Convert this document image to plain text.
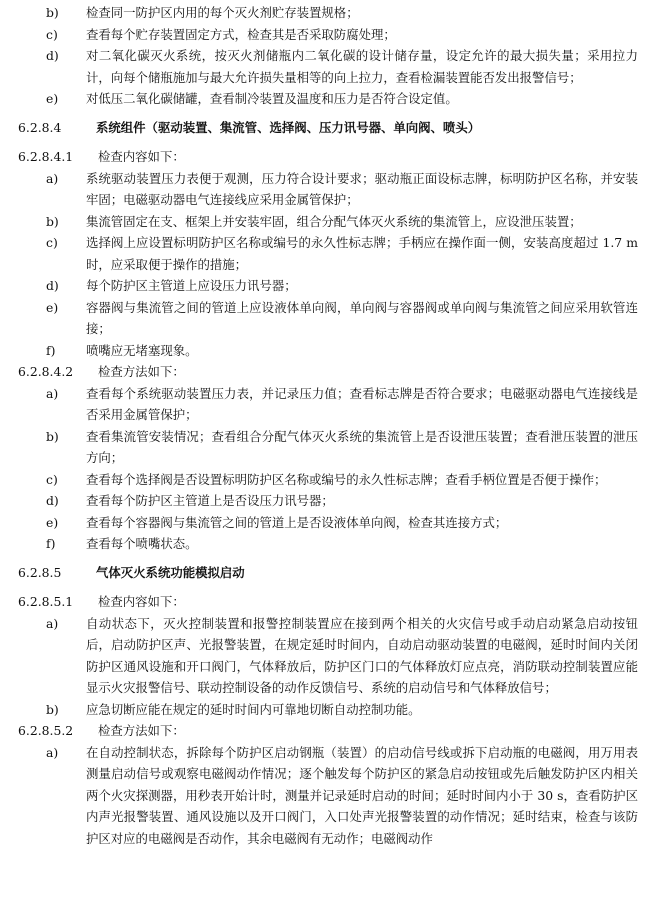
b)	检查同一防护区内用的每个灭火剂贮存装置规格；
c)	查看每个贮存装置固定方式，检查其是否采取防腐处理；
d)	对二氧化碳灭火系统，按灭火剂储瓶内二氧化碳的设计储存量，设定允许的最大损失量；采用拉力计，向每个储瓶施加与最大允许损失量相等的向上拉力，查看检漏装置能否发出报警信号；
e)	对低压二氧化碳储罐，查看制冷装置及温度和压力是否符合设定值。
6.2.8.4	系统组件（驱动装置、集流管、选择阀、压力讯号器、单向阀、喷头）
6.2.8.4.1	检查内容如下：
a)	系统驱动装置压力表便于观测，压力符合设计要求；驱动瓶正面设标志牌，标明防护区名称，并安装牢固；电磁驱动器电气连接线应采用金属管保护；
b)	集流管固定在支、框架上并安装牢固，组合分配气体灭火系统的集流管上，应设泄压装置；
c)	选择阀上应设置标明防护区名称或编号的永久性标志牌；手柄应在操作面一侧，安装高度超过 1.7 m 时，应采取便于操作的措施；
d)	每个防护区主管道上应设压力讯号器；
e)	容器阀与集流管之间的管道上应设液体单向阀，单向阀与容器阀或单向阀与集流管之间应采用软管连接；
f)	喷嘴应无堵塞现象。
6.2.8.4.2	检查方法如下：
a)	查看每个系统驱动装置压力表，并记录压力值；查看标志牌是否符合要求；电磁驱动器电气连接线是否采用金属管保护；
b)	查看集流管安装情况；查看组合分配气体灭火系统的集流管上是否设泄压装置；查看泄压装置的泄压方向；
c)	查看每个选择阀是否设置标明防护区名称或编号的永久性标志牌；查看手柄位置是否便于操作；
d)	查看每个防护区主管道上是否设压力讯号器；
e)	查看每个容器阀与集流管之间的管道上是否设液体单向阀，检查其连接方式；
f)	查看每个喷嘴状态。
6.2.8.5	气体灭火系统功能模拟启动
6.2.8.5.1	检查内容如下：
a)	自动状态下，灭火控制装置和报警控制装置应在接到两个相关的火灾信号或手动启动紧急启动按钮后，启动防护区声、光报警装置，在规定延时时间内，自动启动驱动装置的电磁阀，延时时间内关闭防护区通风设施和开口阀门，气体释放后，防护区门口的气体释放灯应点亮，消防联动控制装置应能显示火灾报警信号、联动控制设备的动作反馈信号、系统的启动信号和气体释放信号；
b)	应急切断应能在规定的延时时间内可靠地切断自动控制功能。
6.2.8.5.2	检查方法如下：
a)	在自动控制状态，拆除每个防护区启动钢瓶（装置）的启动信号线或拆下启动瓶的电磁阀，用万用表测量启动信号或观察电磁阀动作情况；逐个触发每个防护区的紧急启动按钮或先后触发防护区内相关两个火灾探测器，用秒表开始计时，测量并记录延时启动的时间；延时时间内小于 30 s，查看防护区内声光报警装置、通风设施以及开口阀门，入口处声光报警装置的动作情况；延时结束，检查与该防护区对应的电磁阀是否动作，其余电磁阀有无动作；电磁阀动作
